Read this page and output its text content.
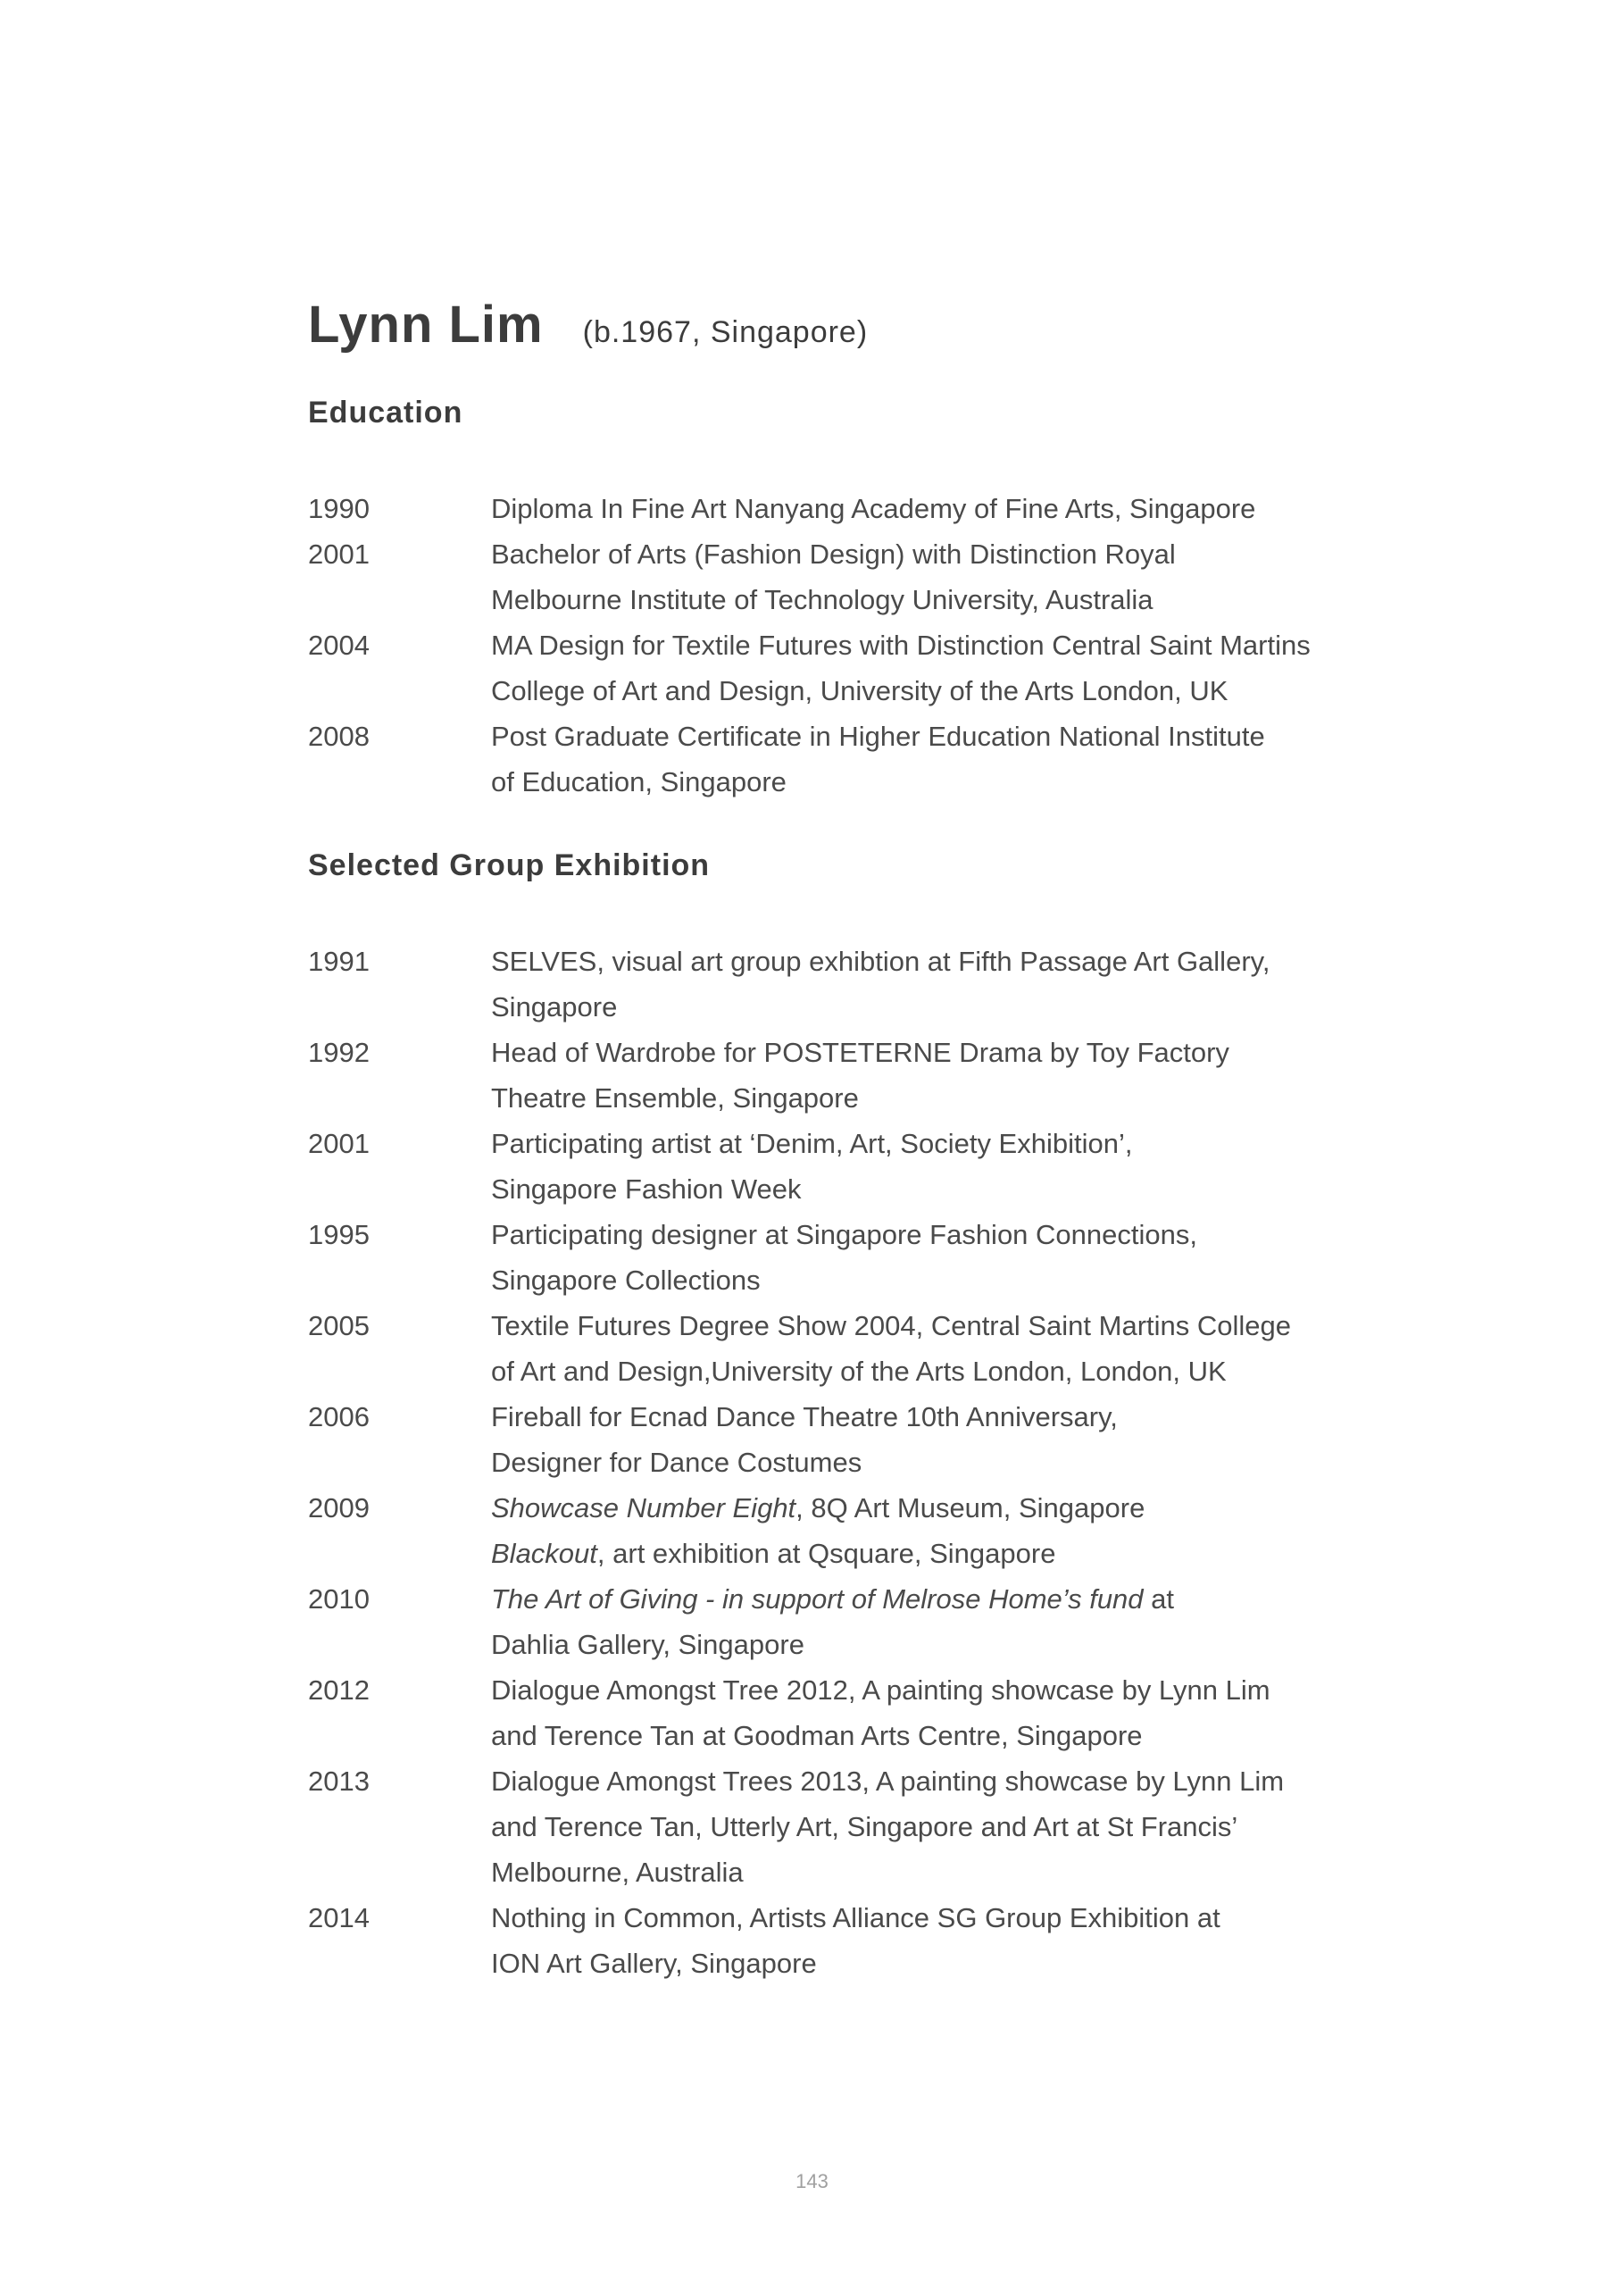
Lynn Lim (b.1967, Singapore)
Education
1990	Diploma In Fine Art Nanyang Academy of Fine Arts, Singapore
2001	Bachelor of Arts (Fashion Design) with Distinction Royal
Melbourne Institute of Technology University, Australia
2004	MA Design for Textile Futures with Distinction Central Saint Martins
College of Art and Design, University of the Arts London, UK
2008	Post Graduate Certificate in Higher Education National Institute
of Education, Singapore
Selected Group Exhibition
1991	SELVES, visual art group exhibtion at Fifth Passage Art Gallery,
Singapore
1992	Head of Wardrobe for POSTETERNE Drama by Toy Factory
Theatre Ensemble, Singapore
2001	Participating artist at ‘Denim, Art, Society Exhibition’,
Singapore Fashion Week
1995	Participating designer at Singapore Fashion Connections,
Singapore Collections
2005	Textile Futures Degree Show 2004, Central Saint Martins College
of Art and Design,University of the Arts London, London, UK
2006	Fireball for Ecnad Dance Theatre 10th Anniversary,
Designer for Dance Costumes
2009	Showcase Number Eight, 8Q Art Museum, Singapore
Blackout, art exhibition at Qsquare, Singapore
2010	The Art of Giving - in support of Melrose Home’s fund at
Dahlia Gallery, Singapore
2012	Dialogue Amongst Tree 2012, A painting showcase by Lynn Lim
and Terence Tan at Goodman Arts Centre, Singapore
2013	Dialogue Amongst Trees 2013, A painting showcase by Lynn Lim
and Terence Tan, Utterly Art, Singapore and Art at St Francis’
Melbourne, Australia
2014	Nothing in Common, Artists Alliance SG Group Exhibition at
ION Art Gallery, Singapore
143
